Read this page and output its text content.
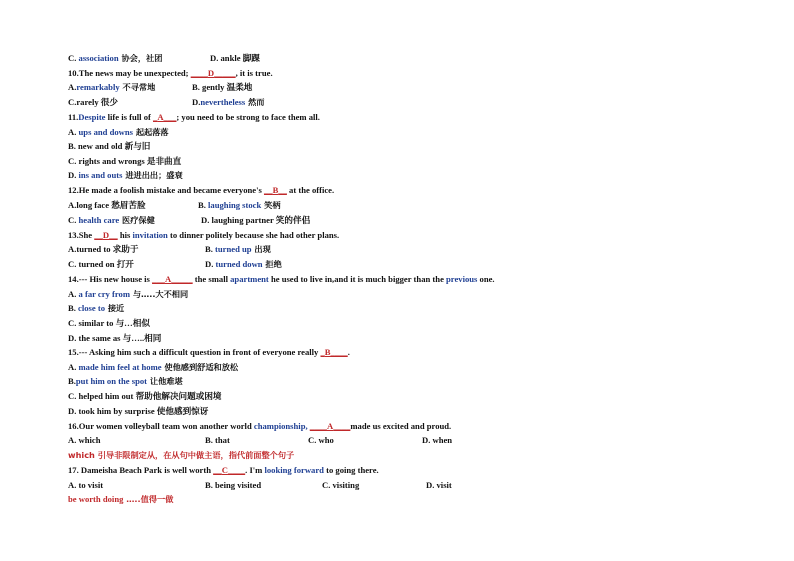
C. association 协会，社团	D. ankle 脚踝
10.The news may be unexpected; ____D_____, it is true.
A.remarkably 不寻常地	B. gently 温柔地
C.rarely 很少	D.nevertheless 然而
11.Despite life is full of _A___; you need to be strong to face them all.
A. ups and downs 起起落落
B. new and old 新与旧
C. rights and wrongs 是非曲直
D. ins and outs 进进出出；盛衰
12.He made a foolish mistake and became everyone's __B__ at the office.
A.long face 愁眉苦脸	B. laughing stock 笑柄
C. health care 医疗保健	D. laughing partner 笑的伴侣
13.She __D__ his invitation to dinner politely because she had other plans.
A.turned to 求助于	B. turned up 出现
C. turned on 打开	D. turned down 拒绝
14.--- His new house is ___A_____ the small apartment he used to live in,and it is much bigger than the previous one.
A. a far cry from 与…..大不相同
B. close to 接近
C. similar to 与…相似
D. the same as 与…..相同
15.--- Asking him such a difficult question in front of everyone really _B____.
A. made him feel at home 使他感到舒适和放松
B.put him on the spot 让他难堪
C. helped him out 帮助他解决问题或困境
D. took him by surprise 使他感到惊讶
16.Our women volleyball team won another world championship, ____A____made us excited and proud.
A. which	B. that	C. who	D. when
which 引导非限制定从，在从句中做主语，指代前面整个句子
17. Dameisha Beach Park is well worth __C____. I'm looking forward to going there.
A. to visit	B. being visited	C. visiting	D. visit
be worth doing …..值得一做
